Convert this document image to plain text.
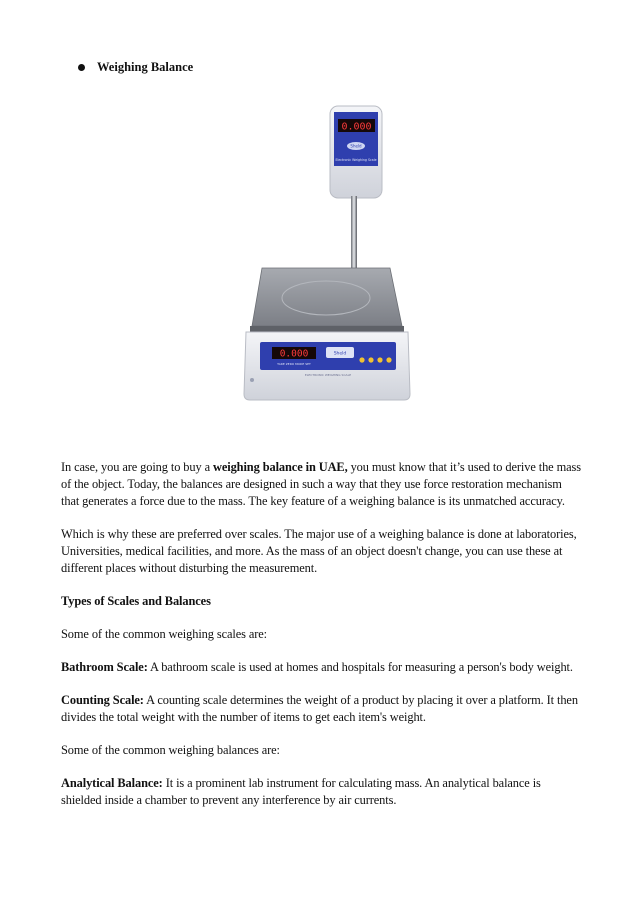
Weighing Balance
0.000
Sheld
Electronic Weighing Scale
0.000
TARE ZERO MODE SET
Sheld
ELECTRONIC WEIGHING SCALE

In case, you are going to buy a weighing balance in UAE, you must know that it’s used to derive the mass of the object. Today, the balances are designed in such a way that they use force restoration mechanism that generates a force due to the mass. The key feature of a weighing balance is its unmatched accuracy.

Which is why these are preferred over scales. The major use of a weighing balance is done at laboratories, Universities, medical facilities, and more. As the mass of an object doesn't change, you can use these at different places without disturbing the measurement.

Types of Scales and Balances

Some of the common weighing scales are:

Bathroom Scale: A bathroom scale is used at homes and hospitals for measuring a person's body weight.

Counting Scale: A counting scale determines the weight of a product by placing it over a platform. It then divides the total weight with the number of items to get each item's weight.

Some of the common weighing balances are:

Analytical Balance: It is a prominent lab instrument for calculating mass. An analytical balance is shielded inside a chamber to prevent any interference by air currents.
